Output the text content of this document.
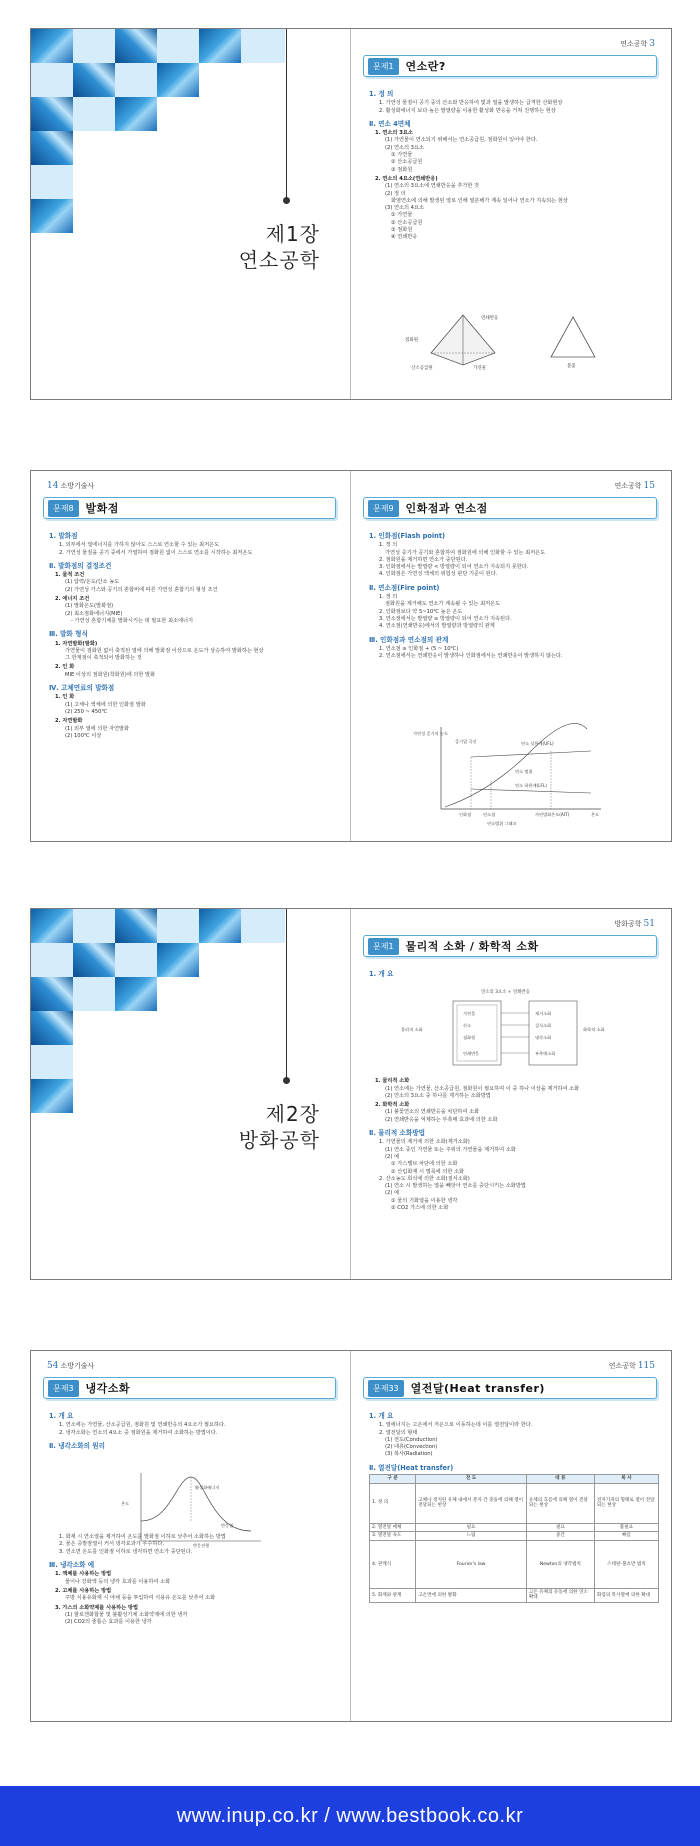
제1장
연소공학
연소공학 3
문제1	연소란?
1. 정 의
1. 가연성 물질이 공기 중의 산소와 반응하여 빛과 열을 발생하는 급격한 산화현상
2. 활성화에너지 보다 높은 발열량을 이용한 활성화 반응을 거쳐 진행하는 현상
Ⅱ. 연소 4면체
1. 연소의 3요소
(1) 가연물이 연소되기 위해서는 연소공급원, 점화원이 있어야 한다.
(2) 연소의 3요소
① 가연물
② 산소공급원
③ 점화원
2. 연소의 4요소(연쇄반응)
(1) 연소의 3요소에 연쇄반응을 추가한 것
(2) 정 의
화염연소에 의해 발생된 열로 인해 열분해가 계속 일어나 연소가 지속되는 현상
(3) 연소의 4요소
① 가연물
② 산소공급원
③ 점화원
④ 연쇄반응
점화원
연쇄반응
산소공급원	가연물	불꽃
14 소방기술사
문제8	발화점
1. 발화점
1. 외부에서 열에너지를 가하지 않아도 스스로 연소할 수 있는 최저온도
2. 가연성 물질을 공기 중에서 가열하여 점화원 없이 스스로 연소를 시작하는 최저온도
Ⅱ. 발화점의 결정조건
1. 물적 조건
(1) 압력/온도/산소 농도
(2) 가연성 가스와 공기의 혼합비에 따른 가연성 혼합기의 형성 조건
2. 에너지 조건
(1) 발화온도(발화점)
(2) 최소점화에너지(MIE)
- 가연성 혼합기체를 발화시키는 데 필요한 최소에너지
Ⅲ. 발화 형식
1. 자연발화(발화)
가연물이 점화원 없이 축적된 열에 의해 발화점 이상으로 온도가 상승하여 발화하는 현상
그 한계점이 축적되어 발화하는 것
2. 인 화
MIE 이상의 점화원(착화원)에 의한 발화
Ⅳ. 고체연료의 발화점
1. 인 화
(1) 고체나 액체에 의한 인화점 발화
(2) 250 ~ 450℃
2. 자연발화
(1) 외부 열에 의한 자연발화
(2) 100℃ 이상
연소공학 15
문제9	인화점과 연소점
1. 인화점(Flash point)
1. 정 의
가연성 증기가 공기와 혼합하여 점화원에 의해 인화할 수 있는 최저온도
2. 점화원을 제거하면 연소가 중단된다.
3. 인화점에서는 발열량 < 방열량이 되어 연소가 지속되지 못한다.
4. 인화점은 가연성 액체의 위험성 판단 기준이 된다.
Ⅱ. 연소점(Fire point)
1. 정 의
점화원을 제거해도 연소가 계속될 수 있는 최저온도
2. 인화점보다 약 5~10℃ 높은 온도
3. 연소점에서는 발열량 ≥ 방열량이 되어 연소가 지속된다.
4. 연소점(연쇄반응)에서의 발열량과 방열량의 관계
Ⅲ. 인화점과 연소점의 관계
1. 연소점 ≥ 인화점 + (5 ~ 10℃)
2. 연소점에서는 연쇄반응이 발생하나 인화점에서는 연쇄반응이 발생하지 않는다.
가연성 증기의 농도
증기압 곡선	연소 상한계(UFL)
연소 범위
연소 하한계(LFL)
인화점	연소점	자연발화온도(AIT)	온도
연소범위 그래프
제2장
방화공학
방화공학 51
문제1	물리적 소화 / 화학적 소화
1. 개 요
1. 물리적 소화
(1) 연소에는 가연물, 산소공급원, 점화원이 필요하며 이 중 하나 이상을 제거하여 소화
(2) 연소의 3요소 중 하나를 제거하는 소화방법
2. 화학적 소화
(1) 불꽃연소의 연쇄반응을 차단하여 소화
(2) 연쇄반응을 억제하는 부촉매 효과에 의한 소화
Ⅱ. 물리적 소화방법
1. 가연물의 제거에 의한 소화(제거소화)
(1) 연소 중인 가연물 또는 주위의 가연물을 제거하여 소화
(2) 예
① 가스밸브 차단에 의한 소화
② 산림화재 시 벌목에 의한 소화
2. 산소농도 희석에 의한 소화(질식소화)
(1) 연소 시 발생하는 열을 빼앗아 연소를 중단시키는 소화방법
(2) 예
① 물의 기화열을 이용한 냉각
② CO2 가스에 의한 소화
연소의 3요소 + 연쇄반응
가연물
산소
점화원
연쇄반응
제거소화
질식소화
냉각소화
부촉매소화
물리적 소화	화학적 소화
54 소방기술사
문제3	냉각소화
1. 개 요
1. 연소에는 가연물, 산소공급원, 점화원 및 연쇄반응의 4요소가 필요하다.
2. 냉각소화는 연소의 4요소 중 점화원을 제거하여 소화하는 방법이다.
Ⅱ. 냉각소화의 원리
1. 화재 시 연소열을 제거하여 온도를 발화점 이하로 낮추어 소화하는 방법
2. 물은 증발잠열이 커서 냉각효과가 우수하다.
3. 연소면 온도를 인화점 이하로 냉각하면 연소가 중단된다.
Ⅲ. 냉각소화 예
1. 액체를 사용하는 방법
물이나 강화액 등의 냉각 효과를 이용하여 소화
2. 고체를 사용하는 방법
주방 식용유화재 시 야채 등을 투입하여 식용유 온도를 낮추어 소화
3. 가스의 소화약제를 사용하는 방법
(1) 할로겐화합물 및 불활성기체 소화약제에 의한 냉각
(2) CO2의 줄톰슨 효과를 이용한 냉각
활성화에너지
반응열
온도
반응진행
연소공학 115
문제33	열전달(Heat transfer)
1. 개 요
1. 열에너지는 고온에서 저온으로 이동하는데 이를 열전달이라 한다.
2. 열전달의 형태
(1) 전도(Conduction)
(2) 대류(Convection)
(3) 복사(Radiation)
Ⅱ. 열전달(Heat transfer)
구 분	전 도	대 류	복 사
1. 정 의	고체나 정지된 유체 내에서 분자 간 충돌에 의해 열이 전달되는 현상	유체의 흐름에 의해 열이 전달되는 현상	전자기파의 형태로 열이 전달되는 현상
2. 열전달 매체	필요	필요	불필요
3. 열전달 속도	느림	중간	빠름
4. 관계식	Fourier's law	Newton의 냉각법칙	스테판-볼츠만 법칙
5. 화재와 관계	고온면에 의한 발화	고온 유체의 유동에 의한 연소확대	화염의 복사열에 의한 확대
www.inup.co.kr / www.bestbook.co.kr
